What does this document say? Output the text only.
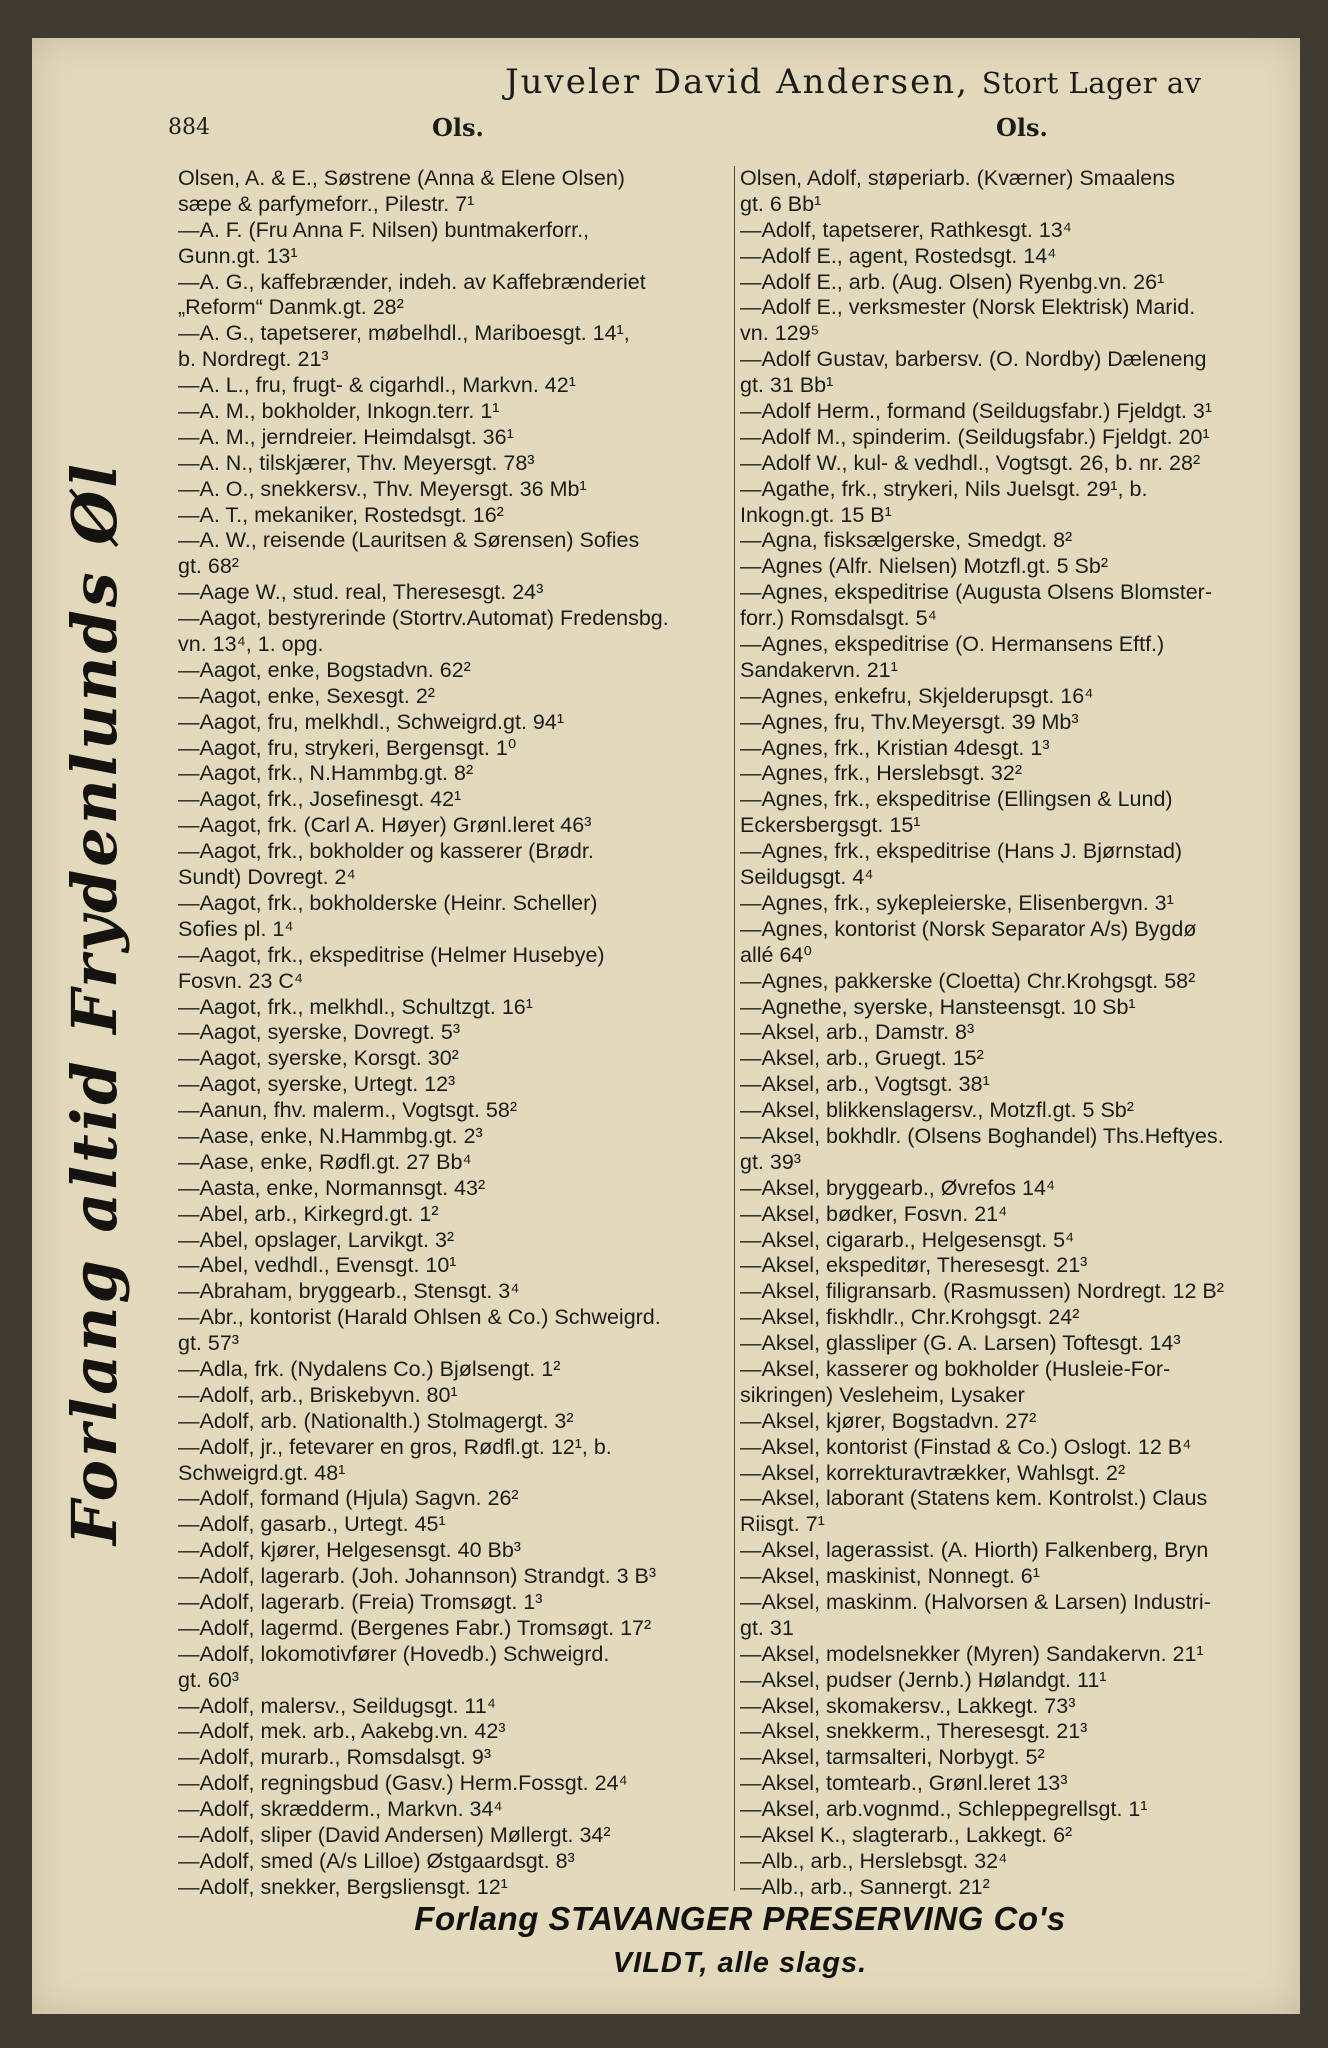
Juveler David Andersen, Stort Lager av
884	Ols.	Ols.
Forlang altid Frydenlunds Øl
Olsen, A. & E., Søstrene (Anna & Elene Olsen)
sæpe & parfymeforr., Pilestr. 7¹
—A. F. (Fru Anna F. Nilsen) buntmakerforr.,
Gunn.gt. 13¹
—A. G., kaffebrænder, indeh. av Kaffebrænderiet
„Reform“ Danmk.gt. 28²
—A. G., tapetserer, møbelhdl., Mariboesgt. 14¹,
b. Nordregt. 21³
—A. L., fru, frugt- & cigarhdl., Markvn. 42¹
—A. M., bokholder, Inkogn.terr. 1¹
—A. M., jerndreier. Heimdalsgt. 36¹
—A. N., tilskjærer, Thv. Meyersgt. 78³
—A. O., snekkersv., Thv. Meyersgt. 36 Mb¹
—A. T., mekaniker, Rostedsgt. 16²
—A. W., reisende (Lauritsen & Sørensen) Sofies
gt. 68²
—Aage W., stud. real, Theresesgt. 24³
—Aagot, bestyrerinde (Stortrv.Automat) Fredensbg.
vn. 13⁴, 1. opg.
—Aagot, enke, Bogstadvn. 62²
—Aagot, enke, Sexesgt. 2²
—Aagot, fru, melkhdl., Schweigrd.gt. 94¹
—Aagot, fru, strykeri, Bergensgt. 1⁰
—Aagot, frk., N.Hammbg.gt. 8²
—Aagot, frk., Josefinesgt. 42¹
—Aagot, frk. (Carl A. Høyer) Grønl.leret 46³
—Aagot, frk., bokholder og kasserer (Brødr.
Sundt) Dovregt. 2⁴
—Aagot, frk., bokholderske (Heinr. Scheller)
Sofies pl. 1⁴
—Aagot, frk., ekspeditrise (Helmer Husebye)
Fosvn. 23 C⁴
—Aagot, frk., melkhdl., Schultzgt. 16¹
—Aagot, syerske, Dovregt. 5³
—Aagot, syerske, Korsgt. 30²
—Aagot, syerske, Urtegt. 12³
—Aanun, fhv. malerm., Vogtsgt. 58²
—Aase, enke, N.Hammbg.gt. 2³
—Aase, enke, Rødfl.gt. 27 Bb⁴
—Aasta, enke, Normannsgt. 43²
—Abel, arb., Kirkegrd.gt. 1²
—Abel, opslager, Larvikgt. 3²
—Abel, vedhdl., Evensgt. 10¹
—Abraham, bryggearb., Stensgt. 3⁴
—Abr., kontorist (Harald Ohlsen & Co.) Schweigrd.
gt. 57³
—Adla, frk. (Nydalens Co.) Bjølsengt. 1²
—Adolf, arb., Briskebyvn. 80¹
—Adolf, arb. (Nationalth.) Stolmagergt. 3²
—Adolf, jr., fetevarer en gros, Rødfl.gt. 12¹, b.
Schweigrd.gt. 48¹
—Adolf, formand (Hjula) Sagvn. 26²
—Adolf, gasarb., Urtegt. 45¹
—Adolf, kjører, Helgesensgt. 40 Bb³
—Adolf, lagerarb. (Joh. Johannson) Strandgt. 3 B³
—Adolf, lagerarb. (Freia) Tromsøgt. 1³
—Adolf, lagermd. (Bergenes Fabr.) Tromsøgt. 17²
—Adolf, lokomotivfører (Hovedb.) Schweigrd.
gt. 60³
—Adolf, malersv., Seildugsgt. 11⁴
—Adolf, mek. arb., Aakebg.vn. 42³
—Adolf, murarb., Romsdalsgt. 9³
—Adolf, regningsbud (Gasv.) Herm.Fossgt. 24⁴
—Adolf, skrædderm., Markvn. 34⁴
—Adolf, sliper (David Andersen) Møllergt. 34²
—Adolf, smed (A/s Lilloe) Østgaardsgt. 8³
—Adolf, snekker, Bergsliensgt. 12¹
Olsen, Adolf, støperiarb. (Kværner) Smaalens
gt. 6 Bb¹
—Adolf, tapetserer, Rathkesgt. 13⁴
—Adolf E., agent, Rostedsgt. 14⁴
—Adolf E., arb. (Aug. Olsen) Ryenbg.vn. 26¹
—Adolf E., verksmester (Norsk Elektrisk) Marid.
vn. 129⁵
—Adolf Gustav, barbersv. (O. Nordby) Dæleneng
gt. 31 Bb¹
—Adolf Herm., formand (Seildugsfabr.) Fjeldgt. 3¹
—Adolf M., spinderim. (Seildugsfabr.) Fjeldgt. 20¹
—Adolf W., kul- & vedhdl., Vogtsgt. 26, b. nr. 28²
—Agathe, frk., strykeri, Nils Juelsgt. 29¹, b.
Inkogn.gt. 15 B¹
—Agna, fisksælgerske, Smedgt. 8²
—Agnes (Alfr. Nielsen) Motzfl.gt. 5 Sb²
—Agnes, ekspeditrise (Augusta Olsens Blomster-
forr.) Romsdalsgt. 5⁴
—Agnes, ekspeditrise (O. Hermansens Eftf.)
Sandakervn. 21¹
—Agnes, enkefru, Skjelderupsgt. 16⁴
—Agnes, fru, Thv.Meyersgt. 39 Mb³
—Agnes, frk., Kristian 4desgt. 1³
—Agnes, frk., Herslebsgt. 32²
—Agnes, frk., ekspeditrise (Ellingsen & Lund)
Eckersbergsgt. 15¹
—Agnes, frk., ekspeditrise (Hans J. Bjørnstad)
Seildugsgt. 4⁴
—Agnes, frk., sykepleierske, Elisenbergvn. 3¹
—Agnes, kontorist (Norsk Separator A/s) Bygdø
allé 64⁰
—Agnes, pakkerske (Cloetta) Chr.Krohgsgt. 58²
—Agnethe, syerske, Hansteensgt. 10 Sb¹
—Aksel, arb., Damstr. 8³
—Aksel, arb., Gruegt. 15²
—Aksel, arb., Vogtsgt. 38¹
—Aksel, blikkenslagersv., Motzfl.gt. 5 Sb²
—Aksel, bokhdlr. (Olsens Boghandel) Ths.Heftyes.
gt. 39³
—Aksel, bryggearb., Øvrefos 14⁴
—Aksel, bødker, Fosvn. 21⁴
—Aksel, cigararb., Helgesensgt. 5⁴
—Aksel, ekspeditør, Theresesgt. 21³
—Aksel, filigransarb. (Rasmussen) Nordregt. 12 B²
—Aksel, fiskhdlr., Chr.Krohgsgt. 24²
—Aksel, glassliper (G. A. Larsen) Toftesgt. 14³
—Aksel, kasserer og bokholder (Husleie-For-
sikringen) Vesleheim, Lysaker
—Aksel, kjører, Bogstadvn. 27²
—Aksel, kontorist (Finstad & Co.) Oslogt. 12 B⁴
—Aksel, korrekturavtrækker, Wahlsgt. 2²
—Aksel, laborant (Statens kem. Kontrolst.) Claus
Riisgt. 7¹
—Aksel, lagerassist. (A. Hiorth) Falkenberg, Bryn
—Aksel, maskinist, Nonnegt. 6¹
—Aksel, maskinm. (Halvorsen & Larsen) Industri-
gt. 31
—Aksel, modelsnekker (Myren) Sandakervn. 21¹
—Aksel, pudser (Jernb.) Hølandgt. 11¹
—Aksel, skomakersv., Lakkegt. 73³
—Aksel, snekkerm., Theresesgt. 21³
—Aksel, tarmsalteri, Norbygt. 5²
—Aksel, tomtearb., Grønl.leret 13³
—Aksel, arb.vognmd., Schleppegrellsgt. 1¹
—Aksel K., slagterarb., Lakkegt. 6²
—Alb., arb., Herslebsgt. 32⁴
—Alb., arb., Sannergt. 21²
Forlang STAVANGER PRESERVING Co's
VILDT, alle slags.
